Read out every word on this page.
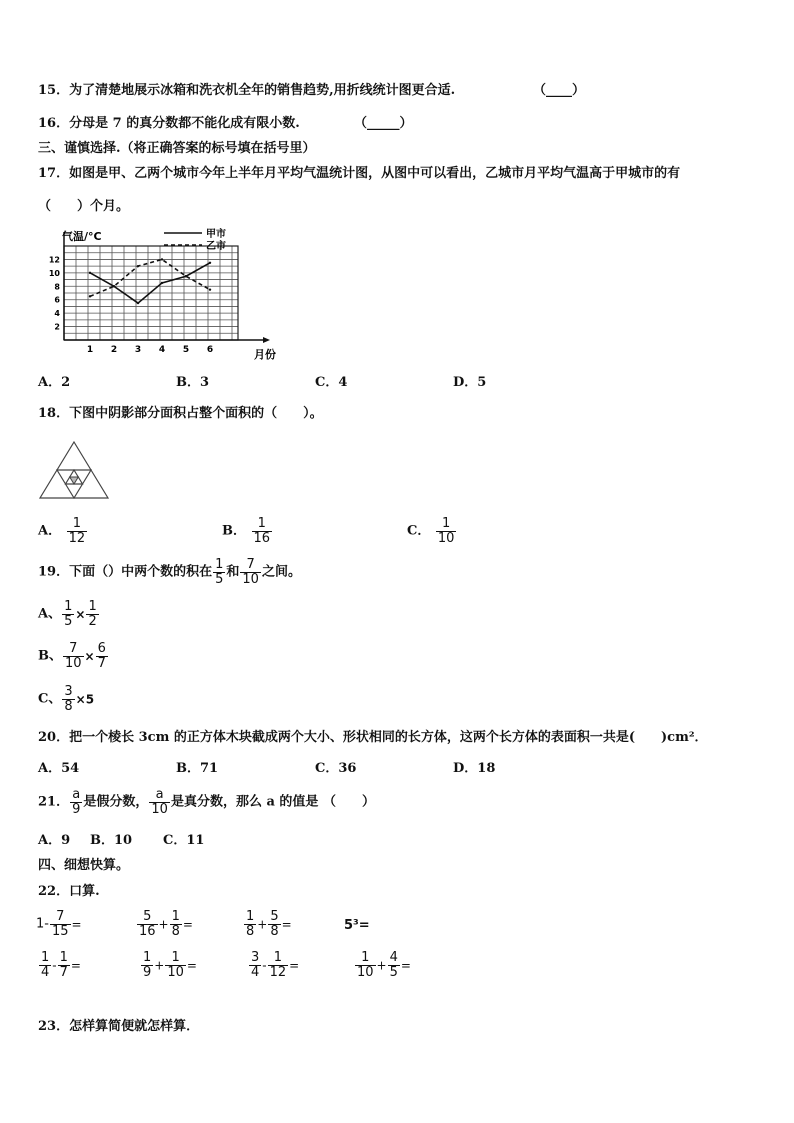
15．为了清楚地展示冰箱和洗衣机全年的销售趋势,用折线统计图更合适.	（____）
16．分母是 7 的真分数都不能化成有限小数.	（_____）
三、谨慎选择.（将正确答案的标号填在括号里）
17．如图是甲、乙两个城市今年上半年月平均气温统计图，从图中可以看出，乙城市月平均气温高于甲城市的有
（　　）个月。
2
4
6
8
10
12
1 2 3 4 5 6
甲市
乙市
气温/°C
月份
A．2	B．3	C．4	D．5
18．下图中阴影部分面积占整个面积的（　　）。
A． $\frac{1}{12}$	B． $\frac{1}{16}$	C． $\frac{1}{10}$
19．下面（）中两个数的积在 $\frac{1}{5}$ 和 $\frac{7}{10}$ 之间。
A、 $\frac{1}{5} \times \frac{1}{2}$
B、 $\frac{7}{10} \times \frac{6}{7}$
C、 $\frac{3}{8} \times 5$
20．把一个棱长 3cm 的正方体木块截成两个大小、形状相同的长方体，这两个长方体的表面积一共是(　　)cm²．
A．54	B．71	C．36	D．18
21． $\frac{a}{9}$ 是假分数， $\frac{a}{10}$ 是真分数，那么 a 的值是 （　　）
A．9 B．10 C．11
四、细想快算。
22．口算.
$1- \frac{7}{15}$ =	$\frac{5}{16} + \frac{1}{8}$ =	$\frac{1}{8} + \frac{5}{8}$ =	5³=
$\frac{1}{4} - \frac{1}{7}$ =	$\frac{1}{9} + \frac{1}{10}$ =	$\frac{3}{4} - \frac{1}{12}$ =	$\frac{1}{10} + \frac{4}{5}$ =
23．怎样算简便就怎样算．
